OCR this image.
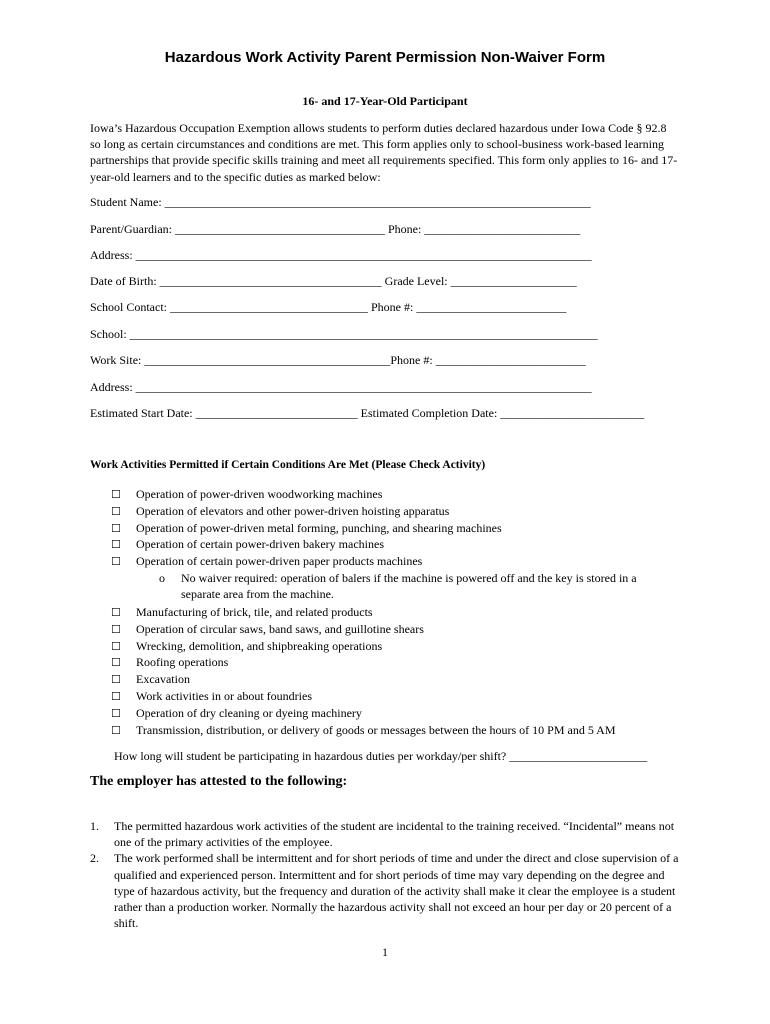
Hazardous Work Activity Parent Permission Non-Waiver Form
16- and 17-Year-Old Participant
Iowa’s Hazardous Occupation Exemption allows students to perform duties declared hazardous under Iowa Code § 92.8 so long as certain circumstances and conditions are met. This form applies only to school-business work-based learning partnerships that provide specific skills training and meet all requirements specified. This form only applies to 16- and 17-year-old learners and to the specific duties as marked below:
Student Name: _______________________________________________________________________
Parent/Guardian: ___________________________________ Phone: __________________________
Address: ____________________________________________________________________________
Date of Birth: _____________________________________ Grade Level: _____________________
School Contact: _________________________________ Phone #: _________________________
School: ______________________________________________________________________________
Work Site: _________________________________________Phone #: _________________________
Address: ____________________________________________________________________________
Estimated Start Date: ___________________________ Estimated Completion Date: ________________________
Work Activities Permitted if Certain Conditions Are Met (Please Check Activity)
☐ Operation of power-driven woodworking machines
☐ Operation of elevators and other power-driven hoisting apparatus
☐ Operation of power-driven metal forming, punching, and shearing machines
☐ Operation of certain power-driven bakery machines
☐ Operation of certain power-driven paper products machines
o	No waiver required: operation of balers if the machine is powered off and the key is stored in a separate area from the machine.
☐ Manufacturing of brick, tile, and related products
☐ Operation of circular saws, band saws, and guillotine shears
☐ Wrecking, demolition, and shipbreaking operations
☐ Roofing operations
☐ Excavation
☐ Work activities in or about foundries
☐ Operation of dry cleaning or dyeing machinery
☐ Transmission, distribution, or delivery of goods or messages between the hours of 10 PM and 5 AM
How long will student be participating in hazardous duties per workday/per shift? _______________________
The employer has attested to the following:
1.	The permitted hazardous work activities of the student are incidental to the training received. “Incidental” means not one of the primary activities of the employee.
2.	The work performed shall be intermittent and for short periods of time and under the direct and close supervision of a qualified and experienced person. Intermittent and for short periods of time may vary depending on the degree and type of hazardous activity, but the frequency and duration of the activity shall make it clear the employee is a student rather than a production worker. Normally the hazardous activity shall not exceed an hour per day or 20 percent of a shift.
1
